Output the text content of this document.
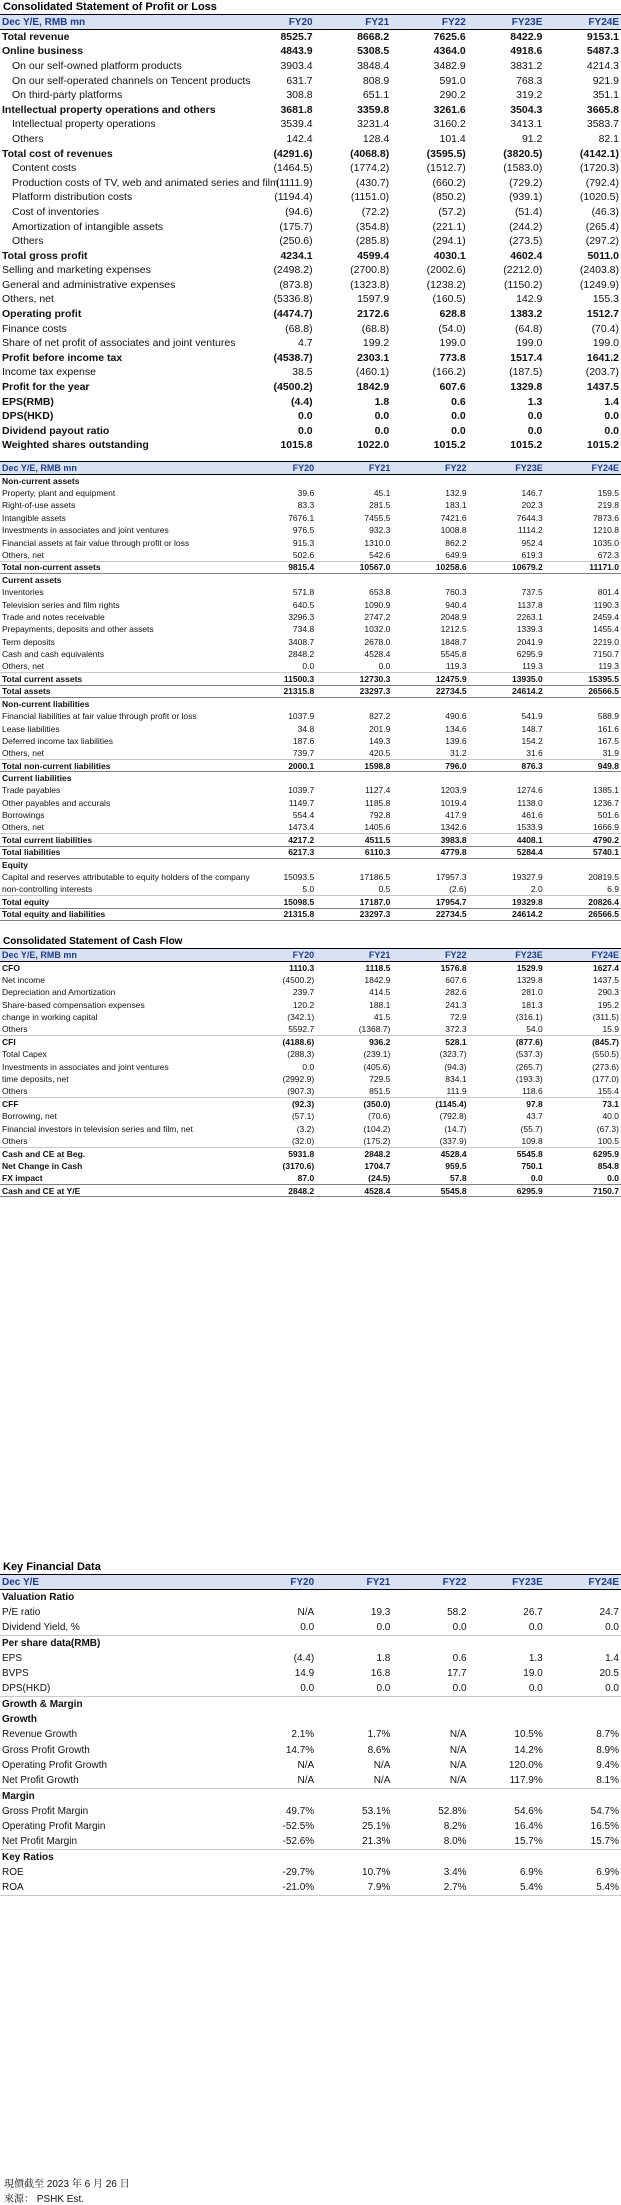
Consolidated Statement of Profit or Loss
Dec Y/E, RMB mn	FY20	FY21	FY22	FY23E	FY24E
Total revenue	8525.7	8668.2	7625.6	8422.9	9153.1
Online business	4843.9	5308.5	4364.0	4918.6	5487.3
On our self-owned platform products	3903.4	3848.4	3482.9	3831.2	4214.3
On our self-operated channels on Tencent products	631.7	808.9	591.0	768.3	921.9
On third-party platforms	308.8	651.1	290.2	319.2	351.1
Intellectual property operations and others	3681.8	3359.8	3261.6	3504.3	3665.8
Intellectual property operations	3539.4	3231.4	3160.2	3413.1	3583.7
Others	142.4	128.4	101.4	91.2	82.1
Total cost of revenues	(4291.6)	(4068.8)	(3595.5)	(3820.5)	(4142.1)
Content costs	(1464.5)	(1774.2)	(1512.7)	(1583.0)	(1720.3)
Production costs of TV, web and animated series and film	(1111.9)	(430.7)	(660.2)	(729.2)	(792.4)
Platform distribution costs	(1194.4)	(1151.0)	(850.2)	(939.1)	(1020.5)
Cost of inventories	(94.6)	(72.2)	(57.2)	(51.4)	(46.3)
Amortization of intangible assets	(175.7)	(354.8)	(221.1)	(244.2)	(265.4)
Others	(250.6)	(285.8)	(294.1)	(273.5)	(297.2)
Total gross profit	4234.1	4599.4	4030.1	4602.4	5011.0
Selling and marketing expenses	(2498.2)	(2700.8)	(2002.6)	(2212.0)	(2403.8)
General and administrative expenses	(873.8)	(1323.8)	(1238.2)	(1150.2)	(1249.9)
Others, net	(5336.8)	1597.9	(160.5)	142.9	155.3
Operating profit	(4474.7)	2172.6	628.8	1383.2	1512.7
Finance costs	(68.8)	(68.8)	(54.0)	(64.8)	(70.4)
Share of net profit of associates and joint ventures	4.7	199.2	199.0	199.0	199.0
Profit before income tax	(4538.7)	2303.1	773.8	1517.4	1641.2
Income tax expense	38.5	(460.1)	(166.2)	(187.5)	(203.7)
Profit for the year	(4500.2)	1842.9	607.6	1329.8	1437.5
EPS(RMB)	(4.4)	1.8	0.6	1.3	1.4
DPS(HKD)	0.0	0.0	0.0	0.0	0.0
Dividend payout ratio	0.0	0.0	0.0	0.0	0.0
Weighted shares outstanding	1015.8	1022.0	1015.2	1015.2	1015.2
Dec Y/E, RMB mn	FY20	FY21	FY22	FY23E	FY24E
Non-current assets					
Property, plant and equipment	39.6	45.1	132.9	146.7	159.5
Right-of-use assets	83.3	281.5	183.1	202.3	219.8
Intangible assets	7676.1	7455.5	7421.6	7644.3	7873.6
Investments in associates and joint ventures	976.5	932.3	1008.8	1114.2	1210.8
Financial assets at fair value through profit or loss	915.3	1310.0	862.2	952.4	1035.0
Others, net	502.6	542.6	649.9	619.3	672.3
Total non-current assets	9815.4	10567.0	10258.6	10679.2	11171.0
Current assets					
Inventories	571.8	653.8	760.3	737.5	801.4
Television series and film rights	640.5	1090.9	940.4	1137.8	1190.3
Trade and notes receivable	3296.3	2747.2	2048.9	2263.1	2459.4
Prepayments, deposits and other assets	734.8	1032.0	1212.5	1339.3	1455.4
Term deposits	3408.7	2678.0	1848.7	2041.9	2219.0
Cash and cash equivalents	2848.2	4528.4	5545.8	6295.9	7150.7
Others, net	0.0	0.0	119.3	119.3	119.3
Total current assets	11500.3	12730.3	12475.9	13935.0	15395.5
Total assets	21315.8	23297.3	22734.5	24614.2	26566.5
Non-current liabilities					
Financial liabilities at fair value through profit or loss	1037.9	827.2	490.6	541.9	588.9
Lease liabilities	34.8	201.9	134.6	148.7	161.6
Deferred income tax liabilities	187.6	149.3	139.6	154.2	167.5
Others, net	739.7	420.5	31.2	31.6	31.9
Total non-current liabilities	2000.1	1598.8	796.0	876.3	949.8
Current liabilities					
Trade payables	1039.7	1127.4	1203.9	1274.6	1385.1
Other payables and accurals	1149.7	1185.8	1019.4	1138.0	1236.7
Borrowings	554.4	792.8	417.9	461.6	501.6
Others, net	1473.4	1405.6	1342.6	1533.9	1666.9
Total current liabilities	4217.2	4511.5	3983.8	4408.1	4790.2
Total liabilities	6217.3	6110.3	4779.8	5284.4	5740.1
Equity					
Capital and reserves attributable to equity holders of the company	15093.5	17186.5	17957.3	19327.9	20819.5
non-controlling interests	5.0	0.5	(2.6)	2.0	6.9
Total equity	15098.5	17187.0	17954.7	19329.8	20826.4
Total equity and liabilities	21315.8	23297.3	22734.5	24614.2	26566.5
Consolidated Statement of Cash Flow
Dec Y/E, RMB mn	FY20	FY21	FY22	FY23E	FY24E
CFO	1110.3	1118.5	1576.8	1529.9	1627.4
Net income	(4500.2)	1842.9	607.6	1329.8	1437.5
Depreciation and Amortization	239.7	414.5	282.6	281.0	290.3
Share-based compensation expenses	120.2	188.1	241.3	181.3	195.2
change in working capital	(342.1)	41.5	72.9	(316.1)	(311.5)
Others	5592.7	(1368.7)	372.3	54.0	15.9
CFI	(4188.6)	936.2	528.1	(877.6)	(845.7)
Total Capex	(288.3)	(239.1)	(323.7)	(537.3)	(550.5)
Investments in associates and joint ventures	0.0	(405.6)	(94.3)	(265.7)	(273.6)
time deposits, net	(2992.9)	729.5	834.1	(193.3)	(177.0)
Others	(907.3)	851.5	111.9	118.6	155.4
CFF	(92.3)	(350.0)	(1145.4)	97.8	73.1
Borrowing, net	(57.1)	(70.6)	(792.8)	43.7	40.0
Financial investors in television series and film, net	(3.2)	(104.2)	(14.7)	(55.7)	(67.3)
Others	(32.0)	(175.2)	(337.9)	109.8	100.5
Cash and CE at Beg.	5931.8	2848.2	4528.4	5545.8	6295.9
Net Change in Cash	(3170.6)	1704.7	959.5	750.1	854.8
FX impact	87.0	(24.5)	57.8	0.0	0.0
Cash and CE at Y/E	2848.2	4528.4	5545.8	6295.9	7150.7
Key Financial Data
Dec Y/E	FY20	FY21	FY22	FY23E	FY24E
Valuation Ratio					
P/E ratio	N/A	19.3	58.2	26.7	24.7
Dividend Yield, %	0.0	0.0	0.0	0.0	0.0
Per share data(RMB)					
EPS	(4.4)	1.8	0.6	1.3	1.4
BVPS	14.9	16.8	17.7	19.0	20.5
DPS(HKD)	0.0	0.0	0.0	0.0	0.0
Growth & Margin					
Growth					
Revenue Growth	2.1%	1.7%	N/A	10.5%	8.7%
Gross Profit Growth	14.7%	8.6%	N/A	14.2%	8.9%
Operating Profit Growth	N/A	N/A	N/A	120.0%	9.4%
Net Profit Growth	N/A	N/A	N/A	117.9%	8.1%
Margin					
Gross Profit Margin	49.7%	53.1%	52.8%	54.6%	54.7%
Operating Profit Margin	-52.5%	25.1%	8.2%	16.4%	16.5%
Net Profit Margin	-52.6%	21.3%	8.0%	15.7%	15.7%
Key Ratios					
ROE	-29.7%	10.7%	3.4%	6.9%	6.9%
ROA	-21.0%	7.9%	2.7%	5.4%	5.4%
現價截至 2023 年 6 月 26 日
來源： PSHK Est.
